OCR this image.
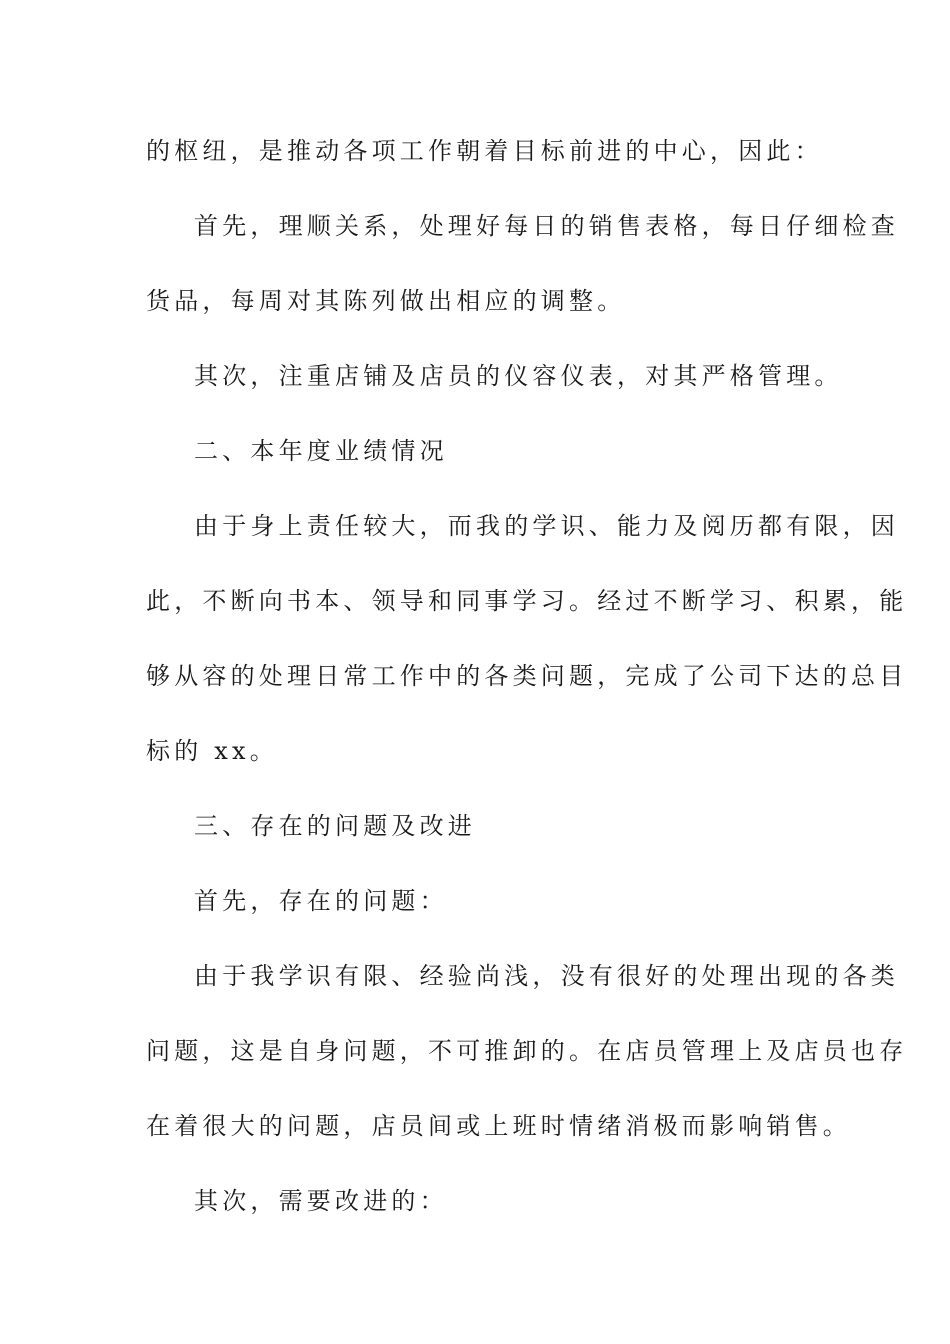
的枢纽，是推动各项工作朝着目标前进的中心，因此：
首先，理顺关系，处理好每日的销售表格，每日仔细检查
货品，每周对其陈列做出相应的调整。
其次，注重店铺及店员的仪容仪表，对其严格管理。
二、本年度业绩情况
由于身上责任较大，而我的学识、能力及阅历都有限，因
此，不断向书本、领导和同事学习。经过不断学习、积累，能
够从容的处理日常工作中的各类问题，完成了公司下达的总目
标的 xx。
三、存在的问题及改进
首先，存在的问题：
由于我学识有限、经验尚浅，没有很好的处理出现的各类
问题，这是自身问题，不可推卸的。在店员管理上及店员也存
在着很大的问题，店员间或上班时情绪消极而影响销售。
其次，需要改进的：
